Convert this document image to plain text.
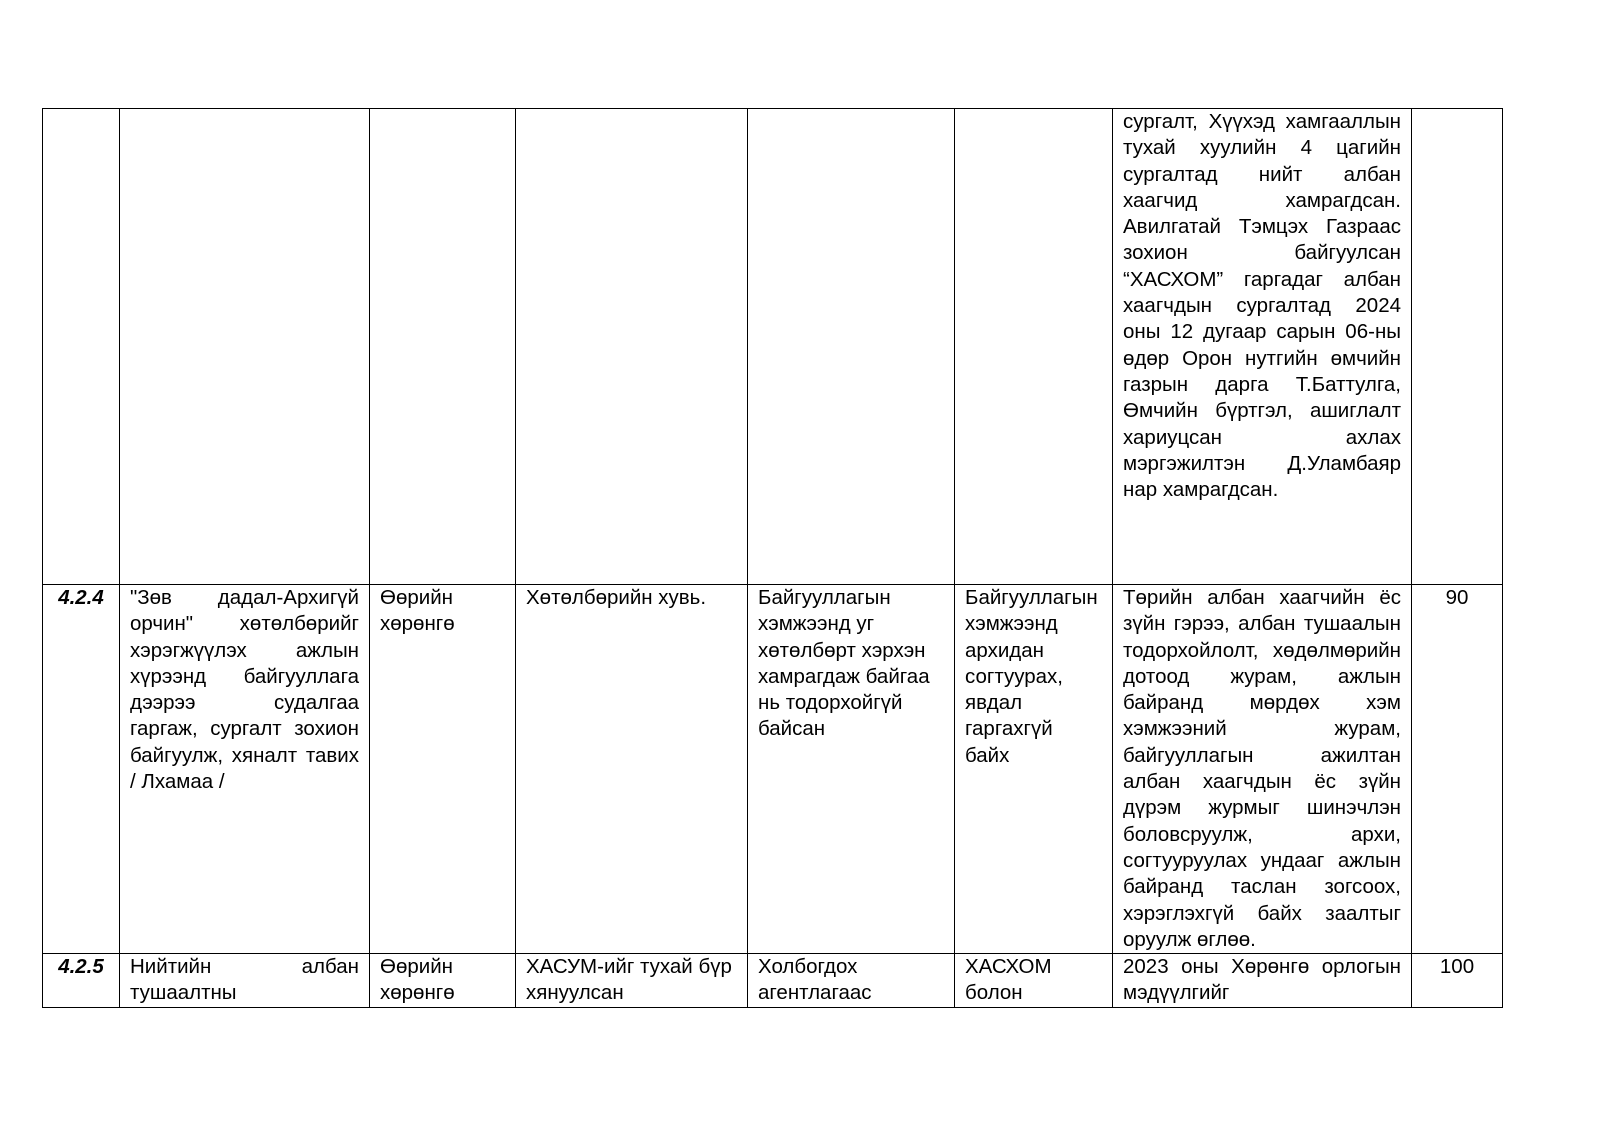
						сургалт, Хүүхэд хамгааллын тухай хуулийн 4 цагийн сургалтад нийт албан хаагчид хамрагдсан. Авилгатай Тэмцэх Газраас зохион байгуулсан “ХАСХОМ” гаргадаг албан хаагчдын сургалтад 2024 оны 12 дугаар сарын 06-ны өдөр Орон нутгийн өмчийн газрын дарга Т.Баттулга, Өмчийн бүртгэл, ашиглалт хариуцсан ахлах мэргэжилтэн Д.Уламбаяр нар хамрагдсан.	
4.2.4	"Зөв дадал-Архигүй орчин" хөтөлбөрийг хэрэгжүүлэх ажлын хүрээнд байгууллага дээрээ судалгаа гаргаж, сургалт зохион байгуулж, хяналт тавих / Лхамаа /	Өөрийн хөрөнгө	Хөтөлбөрийн хувь.	Байгууллагын хэмжээнд уг хөтөлбөрт хэрхэн хамрагдаж байгаа нь тодорхойгүй байсан	Байгууллагын хэмжээнд архидан согтуурах, явдал гаргахгүй байх	Төрийн албан хаагчийн ёс зүйн гэрээ, албан тушаалын тодорхойлолт, хөдөлмөрийн дотоод журам, ажлын байранд мөрдөх хэм хэмжээний журам, байгууллагын ажилтан албан хаагчдын ёс зүйн дүрэм журмыг шинэчлэн боловсруулж, архи, согтууруулах ундааг ажлын байранд таслан зогсоох, хэрэглэхгүй байх заалтыг оруулж өглөө.	90
4.2.5	Нийтийн албан тушаалтны	Өөрийн хөрөнгө	ХАСУМ-ийг тухай бүр хянуулсан	Холбогдох агентлагаас	ХАСХОМ болон	2023 оны Хөрөнгө орлогын мэдүүлгийг	100
